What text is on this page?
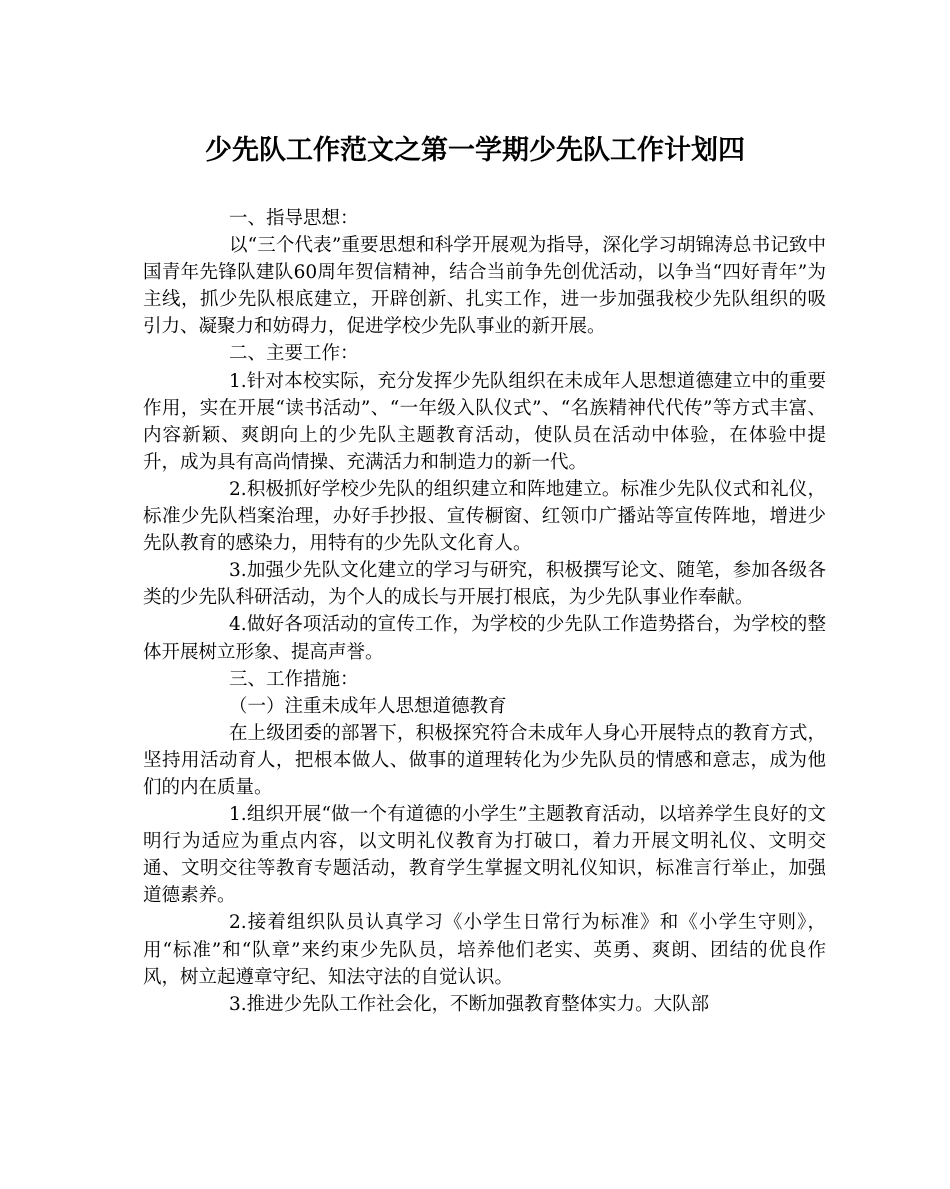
少先队工作范文之第一学期少先队工作计划四

一、指导思想：

以“三个代表”重要思想和科学开展观为指导，深化学习胡锦涛总书记致中国青年先锋队建队60周年贺信精神，结合当前争先创优活动，以争当“四好青年”为主线，抓少先队根底建立，开辟创新、扎实工作，进一步加强我校少先队组织的吸引力、凝聚力和妨碍力，促进学校少先队事业的新开展。

二、主要工作：

1.针对本校实际，充分发挥少先队组织在未成年人思想道德建立中的重要作用，实在开展“读书活动”、“一年级入队仪式”、“名族精神代代传”等方式丰富、内容新颖、爽朗向上的少先队主题教育活动，使队员在活动中体验，在体验中提升，成为具有高尚情操、充满活力和制造力的新一代。

2.积极抓好学校少先队的组织建立和阵地建立。标准少先队仪式和礼仪，标准少先队档案治理，办好手抄报、宣传橱窗、红领巾广播站等宣传阵地，增进少先队教育的感染力，用特有的少先队文化育人。

3.加强少先队文化建立的学习与研究，积极撰写论文、随笔，参加各级各类的少先队科研活动，为个人的成长与开展打根底，为少先队事业作奉献。

4.做好各项活动的宣传工作，为学校的少先队工作造势搭台，为学校的整体开展树立形象、提高声誉。

三、工作措施：

（一）注重未成年人思想道德教育

在上级团委的部署下，积极探究符合未成年人身心开展特点的教育方式，坚持用活动育人，把根本做人、做事的道理转化为少先队员的情感和意志，成为他们的内在质量。

1.组织开展“做一个有道德的小学生”主题教育活动，以培养学生良好的文明行为适应为重点内容，以文明礼仪教育为打破口，着力开展文明礼仪、文明交通、文明交往等教育专题活动，教育学生掌握文明礼仪知识，标准言行举止，加强道德素养。

2.接着组织队员认真学习《小学生日常行为标准》和《小学生守则》，用“标准”和“队章”来约束少先队员，培养他们老实、英勇、爽朗、团结的优良作风，树立起遵章守纪、知法守法的自觉认识。

3.推进少先队工作社会化，不断加强教育整体实力。大队部
